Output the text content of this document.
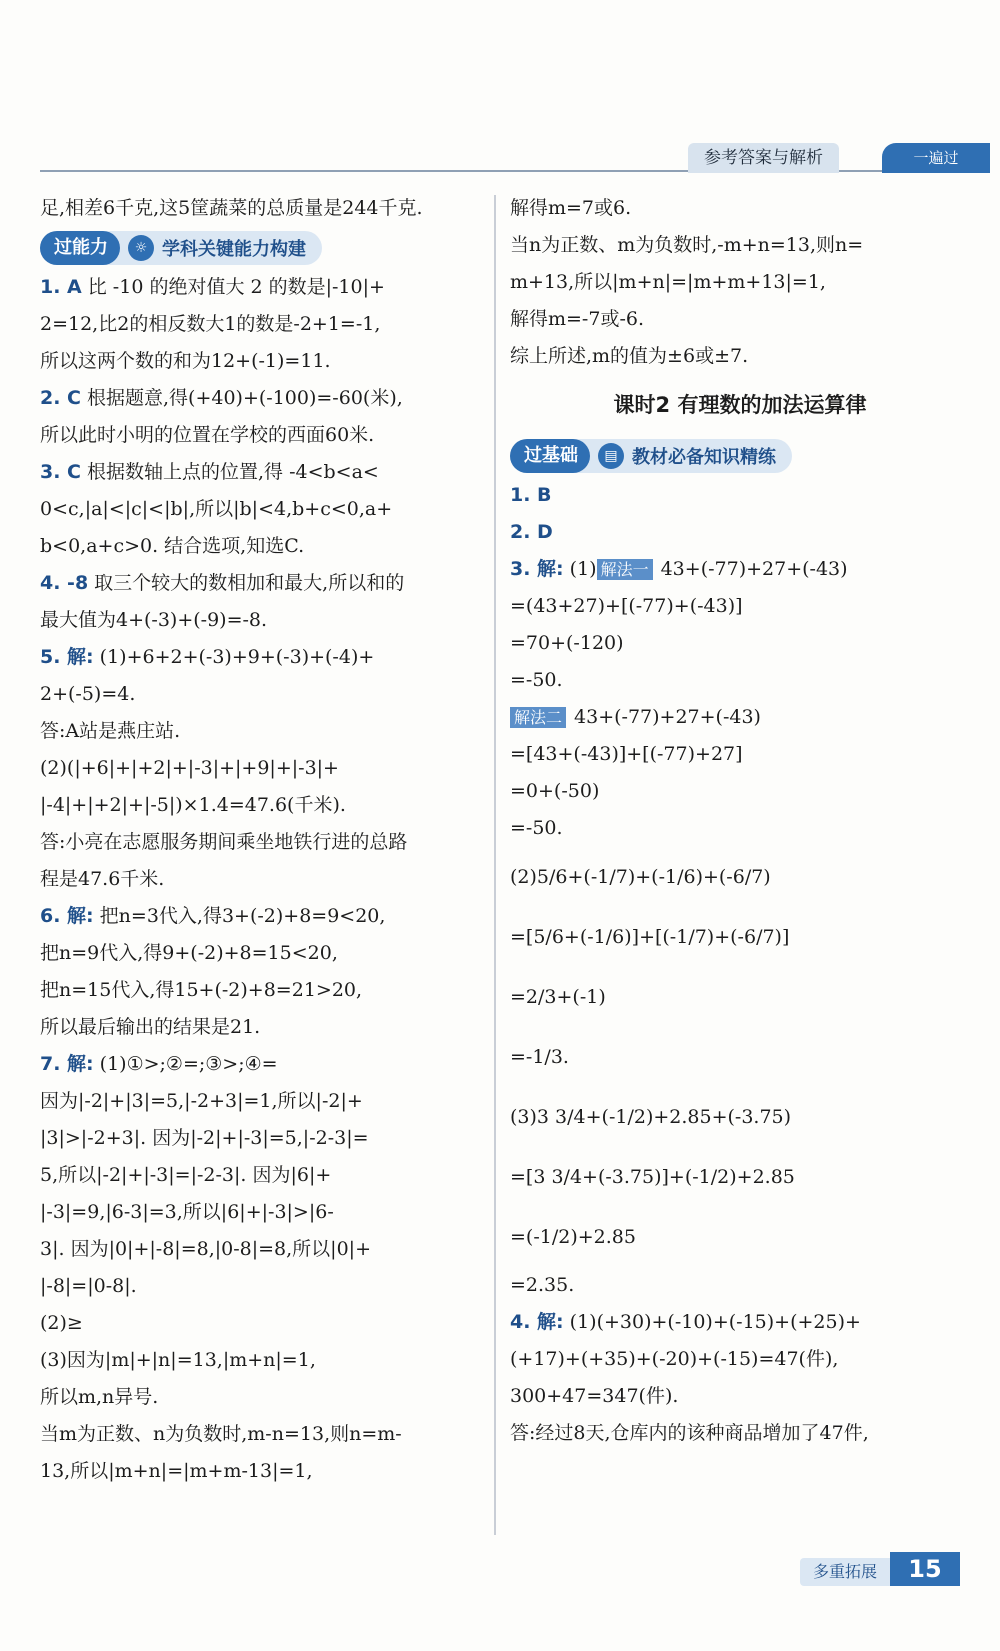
参考答案与解析	一遍过
足,相差6千克,这5筐蔬菜的总质量是244千克.
过能力	☼ 学科关键能力构建
1. A 比 -10 的绝对值大 2 的数是|-10|+
2=12,比2的相反数大1的数是-2+1=-1,
所以这两个数的和为12+(-1)=11.
2. C 根据题意,得(+40)+(-100)=-60(米),
所以此时小明的位置在学校的西面60米.
3. C 根据数轴上点的位置,得 -4<b<a<
0<c,|a|<|c|<|b|,所以|b|<4,b+c<0,a+
b<0,a+c>0. 结合选项,知选C.
4. -8 取三个较大的数相加和最大,所以和的
最大值为4+(-3)+(-9)=-8.
5. 解: (1)+6+2+(-3)+9+(-3)+(-4)+
2+(-5)=4.
答:A站是燕庄站.
(2)(|+6|+|+2|+|-3|+|+9|+|-3|+
|-4|+|+2|+|-5|)×1.4=47.6(千米).
答:小亮在志愿服务期间乘坐地铁行进的总路
程是47.6千米.
6. 解: 把n=3代入,得3+(-2)+8=9<20,
把n=9代入,得9+(-2)+8=15<20,
把n=15代入,得15+(-2)+8=21>20,
所以最后输出的结果是21.
7. 解: (1)①>;②=;③>;④=
因为|-2|+|3|=5,|-2+3|=1,所以|-2|+
|3|>|-2+3|. 因为|-2|+|-3|=5,|-2-3|=
5,所以|-2|+|-3|=|-2-3|. 因为|6|+
|-3|=9,|6-3|=3,所以|6|+|-3|>|6-
3|. 因为|0|+|-8|=8,|0-8|=8,所以|0|+
|-8|=|0-8|.
(2)≥
(3)因为|m|+|n|=13,|m+n|=1,
所以m,n异号.
当m为正数、n为负数时,m-n=13,则n=m-
13,所以|m+n|=|m+m-13|=1,
解得m=7或6.
当n为正数、m为负数时,-m+n=13,则n=
m+13,所以|m+n|=|m+m+13|=1,
解得m=-7或-6.
综上所述,m的值为±6或±7.
课时2 有理数的加法运算律
过基础	▤ 教材必备知识精练
1. B
2. D
3. 解: (1) 解法一 43+(-77)+27+(-43)
=(43+27)+[(-77)+(-43)]
=70+(-120)
=-50.
解法二 43+(-77)+27+(-43)
=[43+(-43)]+[(-77)+27]
=0+(-50)
=-50.
(2)5/6+(-1/7)+(-1/6)+(-6/7)
=[5/6+(-1/6)]+[(-1/7)+(-6/7)]
=2/3+(-1)
=-1/3.
(3)3 3/4+(-1/2)+2.85+(-3.75)
=[3 3/4+(-3.75)]+(-1/2)+2.85
=(-1/2)+2.85
=2.35.
4. 解: (1)(+30)+(-10)+(-15)+(+25)+
(+17)+(+35)+(-20)+(-15)=47(件),
300+47=347(件).
答:经过8天,仓库内的该种商品增加了47件,
多重拓展	15
